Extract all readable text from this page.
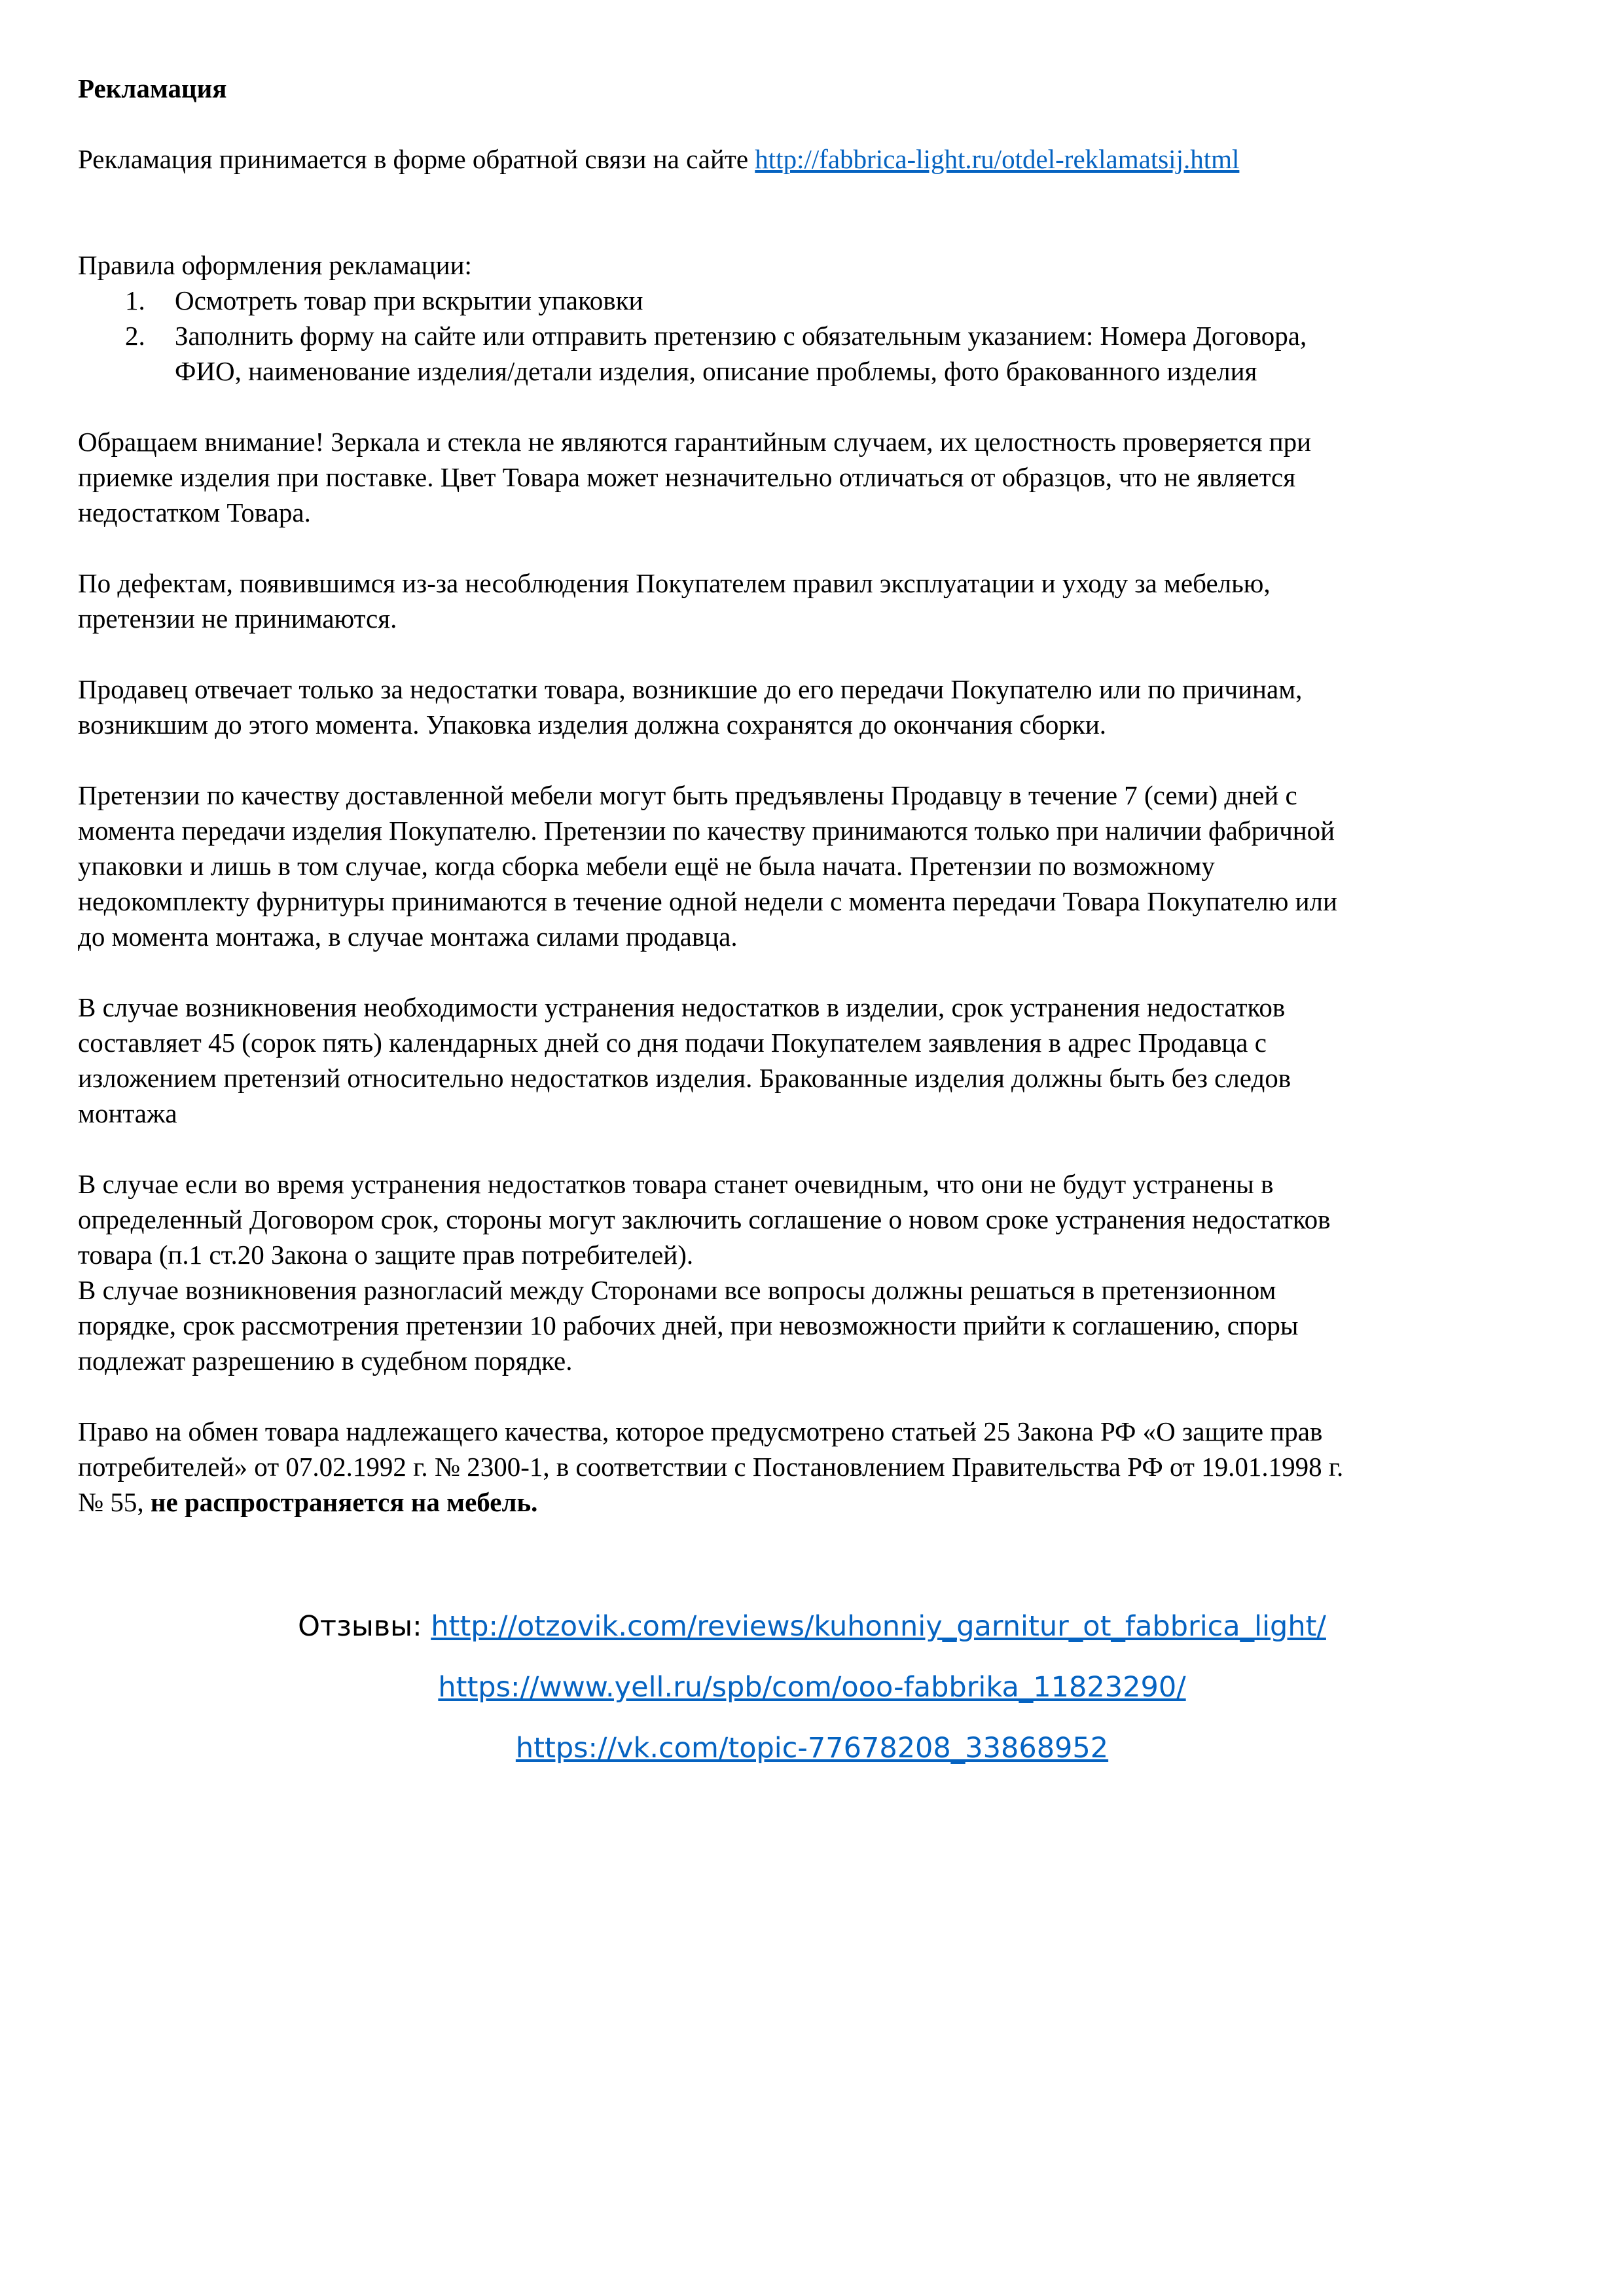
Рекламация

Рекламация принимается в форме обратной связи на сайте http://fabbrica-light.ru/otdel-reklamatsij.html

Правила оформления рекламации:

1. Осмотреть товар при вскрытии упаковки
2. Заполнить форму на сайте или отправить претензию с обязательным указанием: Номера Договора,
ФИО, наименование изделия/детали изделия, описание проблемы, фото бракованного изделия

Обращаем внимание! Зеркала и стекла не являются гарантийным случаем, их целостность проверяется при
приемке изделия при поставке. Цвет Товара может незначительно отличаться от образцов, что не является
недостатком Товара.

По дефектам, появившимся из-за несоблюдения Покупателем правил эксплуатации и уходу за мебелью,
претензии не принимаются.

Продавец отвечает только за недостатки товара, возникшие до его передачи Покупателю или по причинам,
возникшим до этого момента. Упаковка изделия должна сохранятся до окончания сборки.

Претензии по качеству доставленной мебели могут быть предъявлены Продавцу в течение 7 (семи) дней с
момента передачи изделия Покупателю. Претензии по качеству принимаются только при наличии фабричной
упаковки и лишь в том случае, когда сборка мебели ещё не была начата. Претензии по возможному
недокомплекту фурнитуры принимаются в течение одной недели с момента передачи Товара Покупателю или
до момента монтажа, в случае монтажа силами продавца.

В случае возникновения необходимости устранения недостатков в изделии, срок устранения недостатков
составляет 45 (сорок пять) календарных дней со дня подачи Покупателем заявления в адрес Продавца с
изложением претензий относительно недостатков изделия. Бракованные изделия должны быть без следов
монтажа

В случае если во время устранения недостатков товара станет очевидным, что они не будут устранены в
определенный Договором срок, стороны могут заключить соглашение о новом сроке устранения недостатков
товара (п.1 ст.20 Закона о защите прав потребителей).
В случае возникновения разногласий между Сторонами все вопросы должны решаться в претензионном
порядке, срок рассмотрения претензии 10 рабочих дней, при невозможности прийти к соглашению, споры
подлежат разрешению в судебном порядке.

Право на обмен товара надлежащего качества, которое предусмотрено статьей 25 Закона РФ «О защите прав
потребителей» от 07.02.1992 г. № 2300-1, в соответствии с Постановлением Правительства РФ от 19.01.1998 г.
№ 55, не распространяется на мебель.

Отзывы: http://otzovik.com/reviews/kuhonniy_garnitur_ot_fabbrica_light/
https://www.yell.ru/spb/com/ooo-fabbrika_11823290/
https://vk.com/topic-77678208_33868952
